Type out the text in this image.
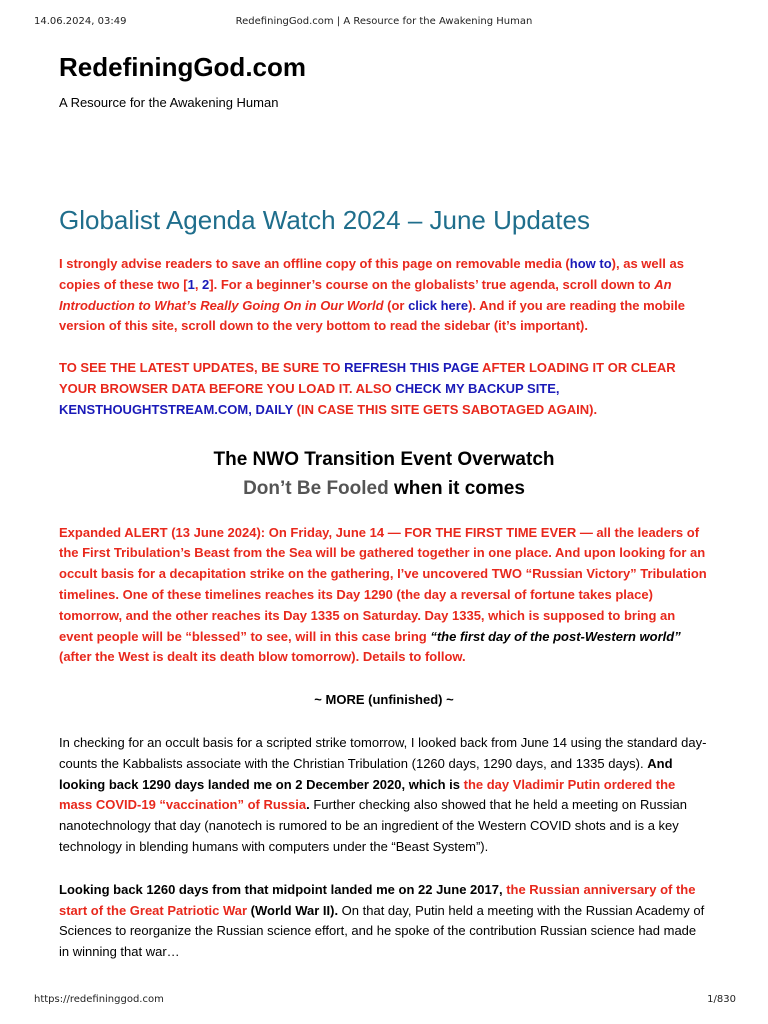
14.06.2024, 03:49	RedefiningGod.com | A Resource for the Awakening Human
RedefiningGod.com

A Resource for the Awakening Human

Globalist Agenda Watch 2024 – June Updates

I strongly advise readers to save an offline copy of this page on removable media (how to), as well as copies of these two [1, 2]. For a beginner’s course on the globalists’ true agenda, scroll down to An Introduction to What’s Really Going On in Our World (or click here). And if you are reading the mobile version of this site, scroll down to the very bottom to read the sidebar (it’s important).

TO SEE THE LATEST UPDATES, BE SURE TO REFRESH THIS PAGE AFTER LOADING IT OR CLEAR YOUR BROWSER DATA BEFORE YOU LOAD IT. ALSO CHECK MY BACKUP SITE, KENSTHOUGHTSTREAM.COM, DAILY (IN CASE THIS SITE GETS SABOTAGED AGAIN).

The NWO Transition Event Overwatch
Don’t Be Fooled when it comes

Expanded ALERT (13 June 2024): On Friday, June 14 — FOR THE FIRST TIME EVER — all the leaders of the First Tribulation’s Beast from the Sea will be gathered together in one place. And upon looking for an occult basis for a decapitation strike on the gathering, I’ve uncovered TWO “Russian Victory” Tribulation timelines. One of these timelines reaches its Day 1290 (the day a reversal of fortune takes place) tomorrow, and the other reaches its Day 1335 on Saturday. Day 1335, which is supposed to bring an event people will be “blessed” to see, will in this case bring “the first day of the post-Western world” (after the West is dealt its death blow tomorrow). Details to follow.

~ MORE (unfinished) ~

In checking for an occult basis for a scripted strike tomorrow, I looked back from June 14 using the standard day-counts the Kabbalists associate with the Christian Tribulation (1260 days, 1290 days, and 1335 days). And looking back 1290 days landed me on 2 December 2020, which is the day Vladimir Putin ordered the mass COVID-19 “vaccination” of Russia. Further checking also showed that he held a meeting on Russian nanotechnology that day (nanotech is rumored to be an ingredient of the Western COVID shots and is a key technology in blending humans with computers under the “Beast System”).

Looking back 1260 days from that midpoint landed me on 22 June 2017, the Russian anniversary of the start of the Great Patriotic War (World War II). On that day, Putin held a meeting with the Russian Academy of Sciences to reorganize the Russian science effort, and he spoke of the contribution Russian science had made in winning that war…

https://redefininggod.com	1/830
